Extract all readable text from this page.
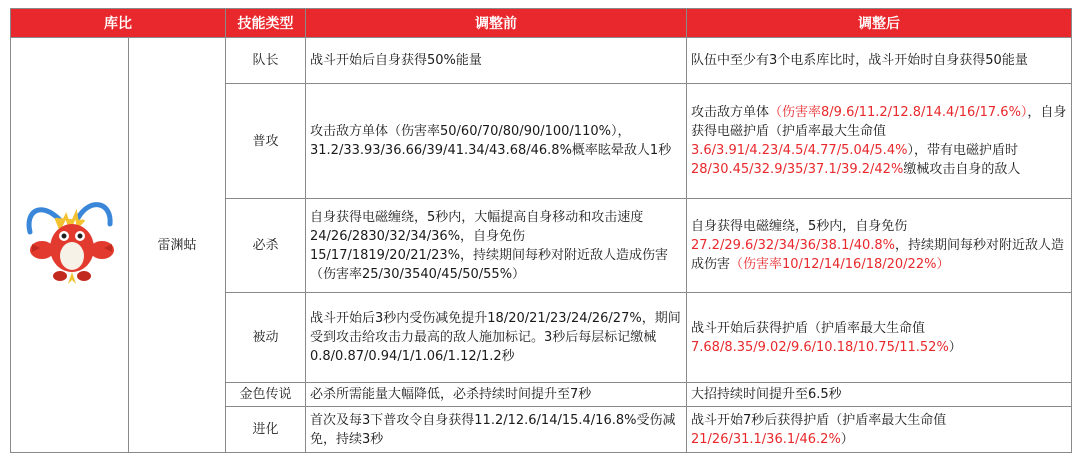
库比		技能类型	调整前	调整后
	雷渊蛄	队长	战斗开始后自身获得50%能量	队伍中至少有3个电系库比时，战斗开始时自身获得50能量
		普攻	攻击敌方单体（伤害率50/60/70/80/90/100/110%），31.2/33.93/36.66/39/41.34/43.68/46.8%概率眩晕敌人1秒	攻击敌方单体（伤害率8/9.6/11.2/12.8/14.4/16/17.6%），自身获得电磁护盾（护盾率最大生命值3.6/3.91/4.23/4.5/4.77/5.04/5.4%），带有电磁护盾时28/30.45/32.9/35/37.1/39.2/42%缴械攻击自身的敌人
		必杀	自身获得电磁缠绕，5秒内，大幅提高自身移动和攻击速度24/26/2830/32/34/36%，自身免伤15/17/1819/20/21/23%，持续期间每秒对附近敌人造成伤害（伤害率25/30/3540/45/50/55%）	自身获得电磁缠绕，5秒内，自身免伤27.2/29.6/32/34/36/38.1/40.8%，持续期间每秒对附近敌人造成伤害（伤害率10/12/14/16/18/20/22%）
		被动	战斗开始后3秒内受伤减免提升18/20/21/23/24/26/27%，期间受到攻击给攻击力最高的敌人施加标记。3秒后每层标记缴械0.8/0.87/0.94/1/1.06/1.12/1.2秒	战斗开始后获得护盾（护盾率最大生命值7.68/8.35/9.02/9.6/10.18/10.75/11.52%）
		金色传说	必杀所需能量大幅降低，必杀持续时间提升至7秒	大招持续时间提升至6.5秒
		进化	首次及每3下普攻令自身获得11.2/12.6/14/15.4/16.8%受伤减免，持续3秒	战斗开始7秒后获得护盾（护盾率最大生命值21/26/31.1/36.1/46.2%）
